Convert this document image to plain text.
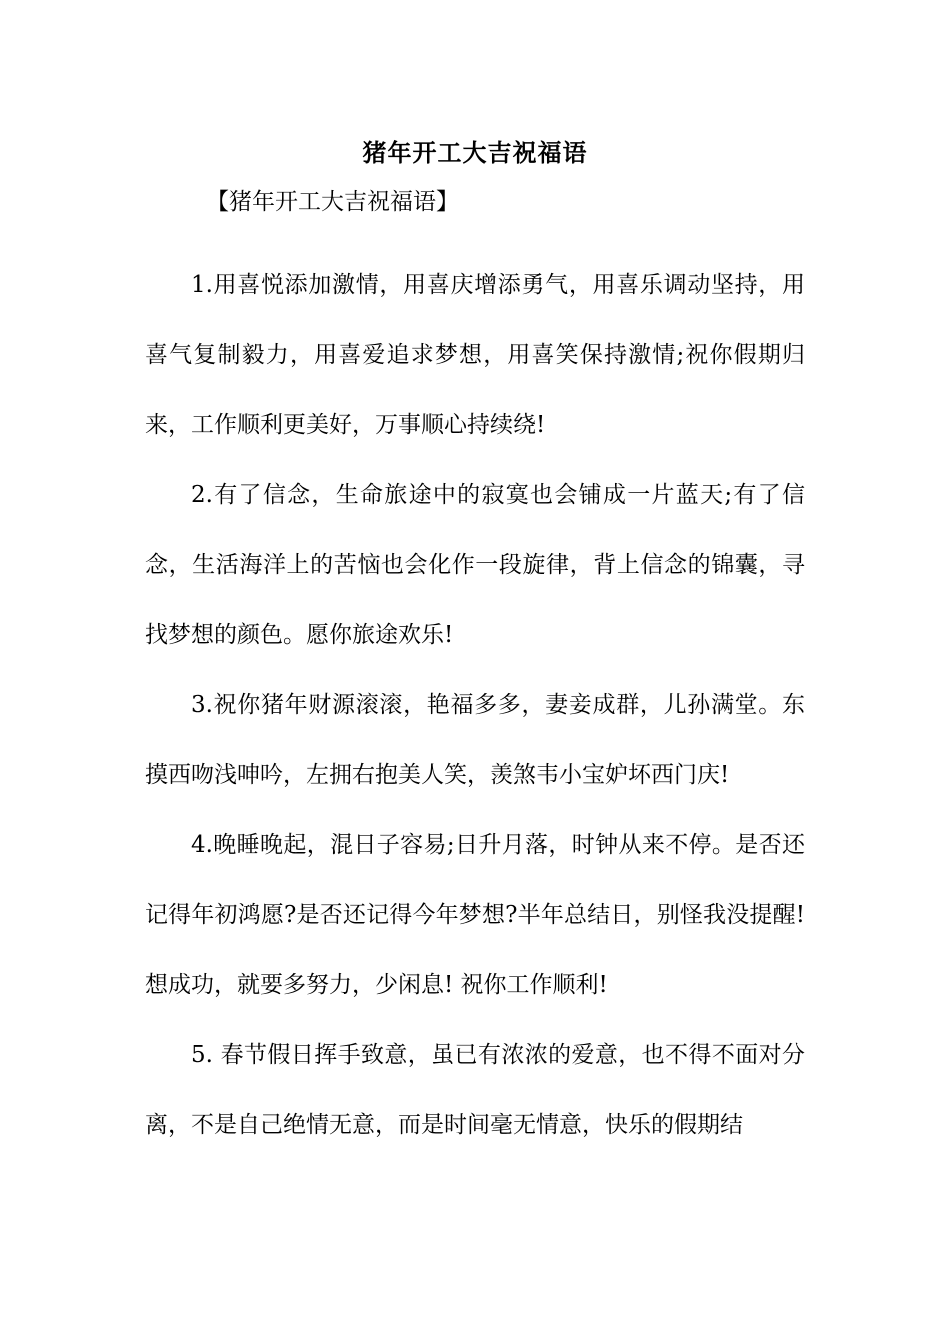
猪年开工大吉祝福语
【猪年开工大吉祝福语】

1.用喜悦添加激情，用喜庆增添勇气，用喜乐调动坚持，用喜气复制毅力，用喜爱追求梦想，用喜笑保持激情;祝你假期归来，工作顺利更美好，万事顺心持续绕!

2.有了信念，生命旅途中的寂寞也会铺成一片蓝天;有了信念，生活海洋上的苦恼也会化作一段旋律，背上信念的锦囊，寻找梦想的颜色。愿你旅途欢乐!

3.祝你猪年财源滚滚，艳福多多，妻妾成群，儿孙满堂。东摸西吻浅呻吟，左拥右抱美人笑，羡煞韦小宝妒坏西门庆!

4.晚睡晚起，混日子容易;日升月落，时钟从来不停。是否还记得年初鸿愿?是否还记得今年梦想?半年总结日，别怪我没提醒!想成功，就要多努力，少闲息! 祝你工作顺利!

5. 春节假日挥手致意，虽已有浓浓的爱意，也不得不面对分离，不是自己绝情无意，而是时间毫无情意，快乐的假期结
